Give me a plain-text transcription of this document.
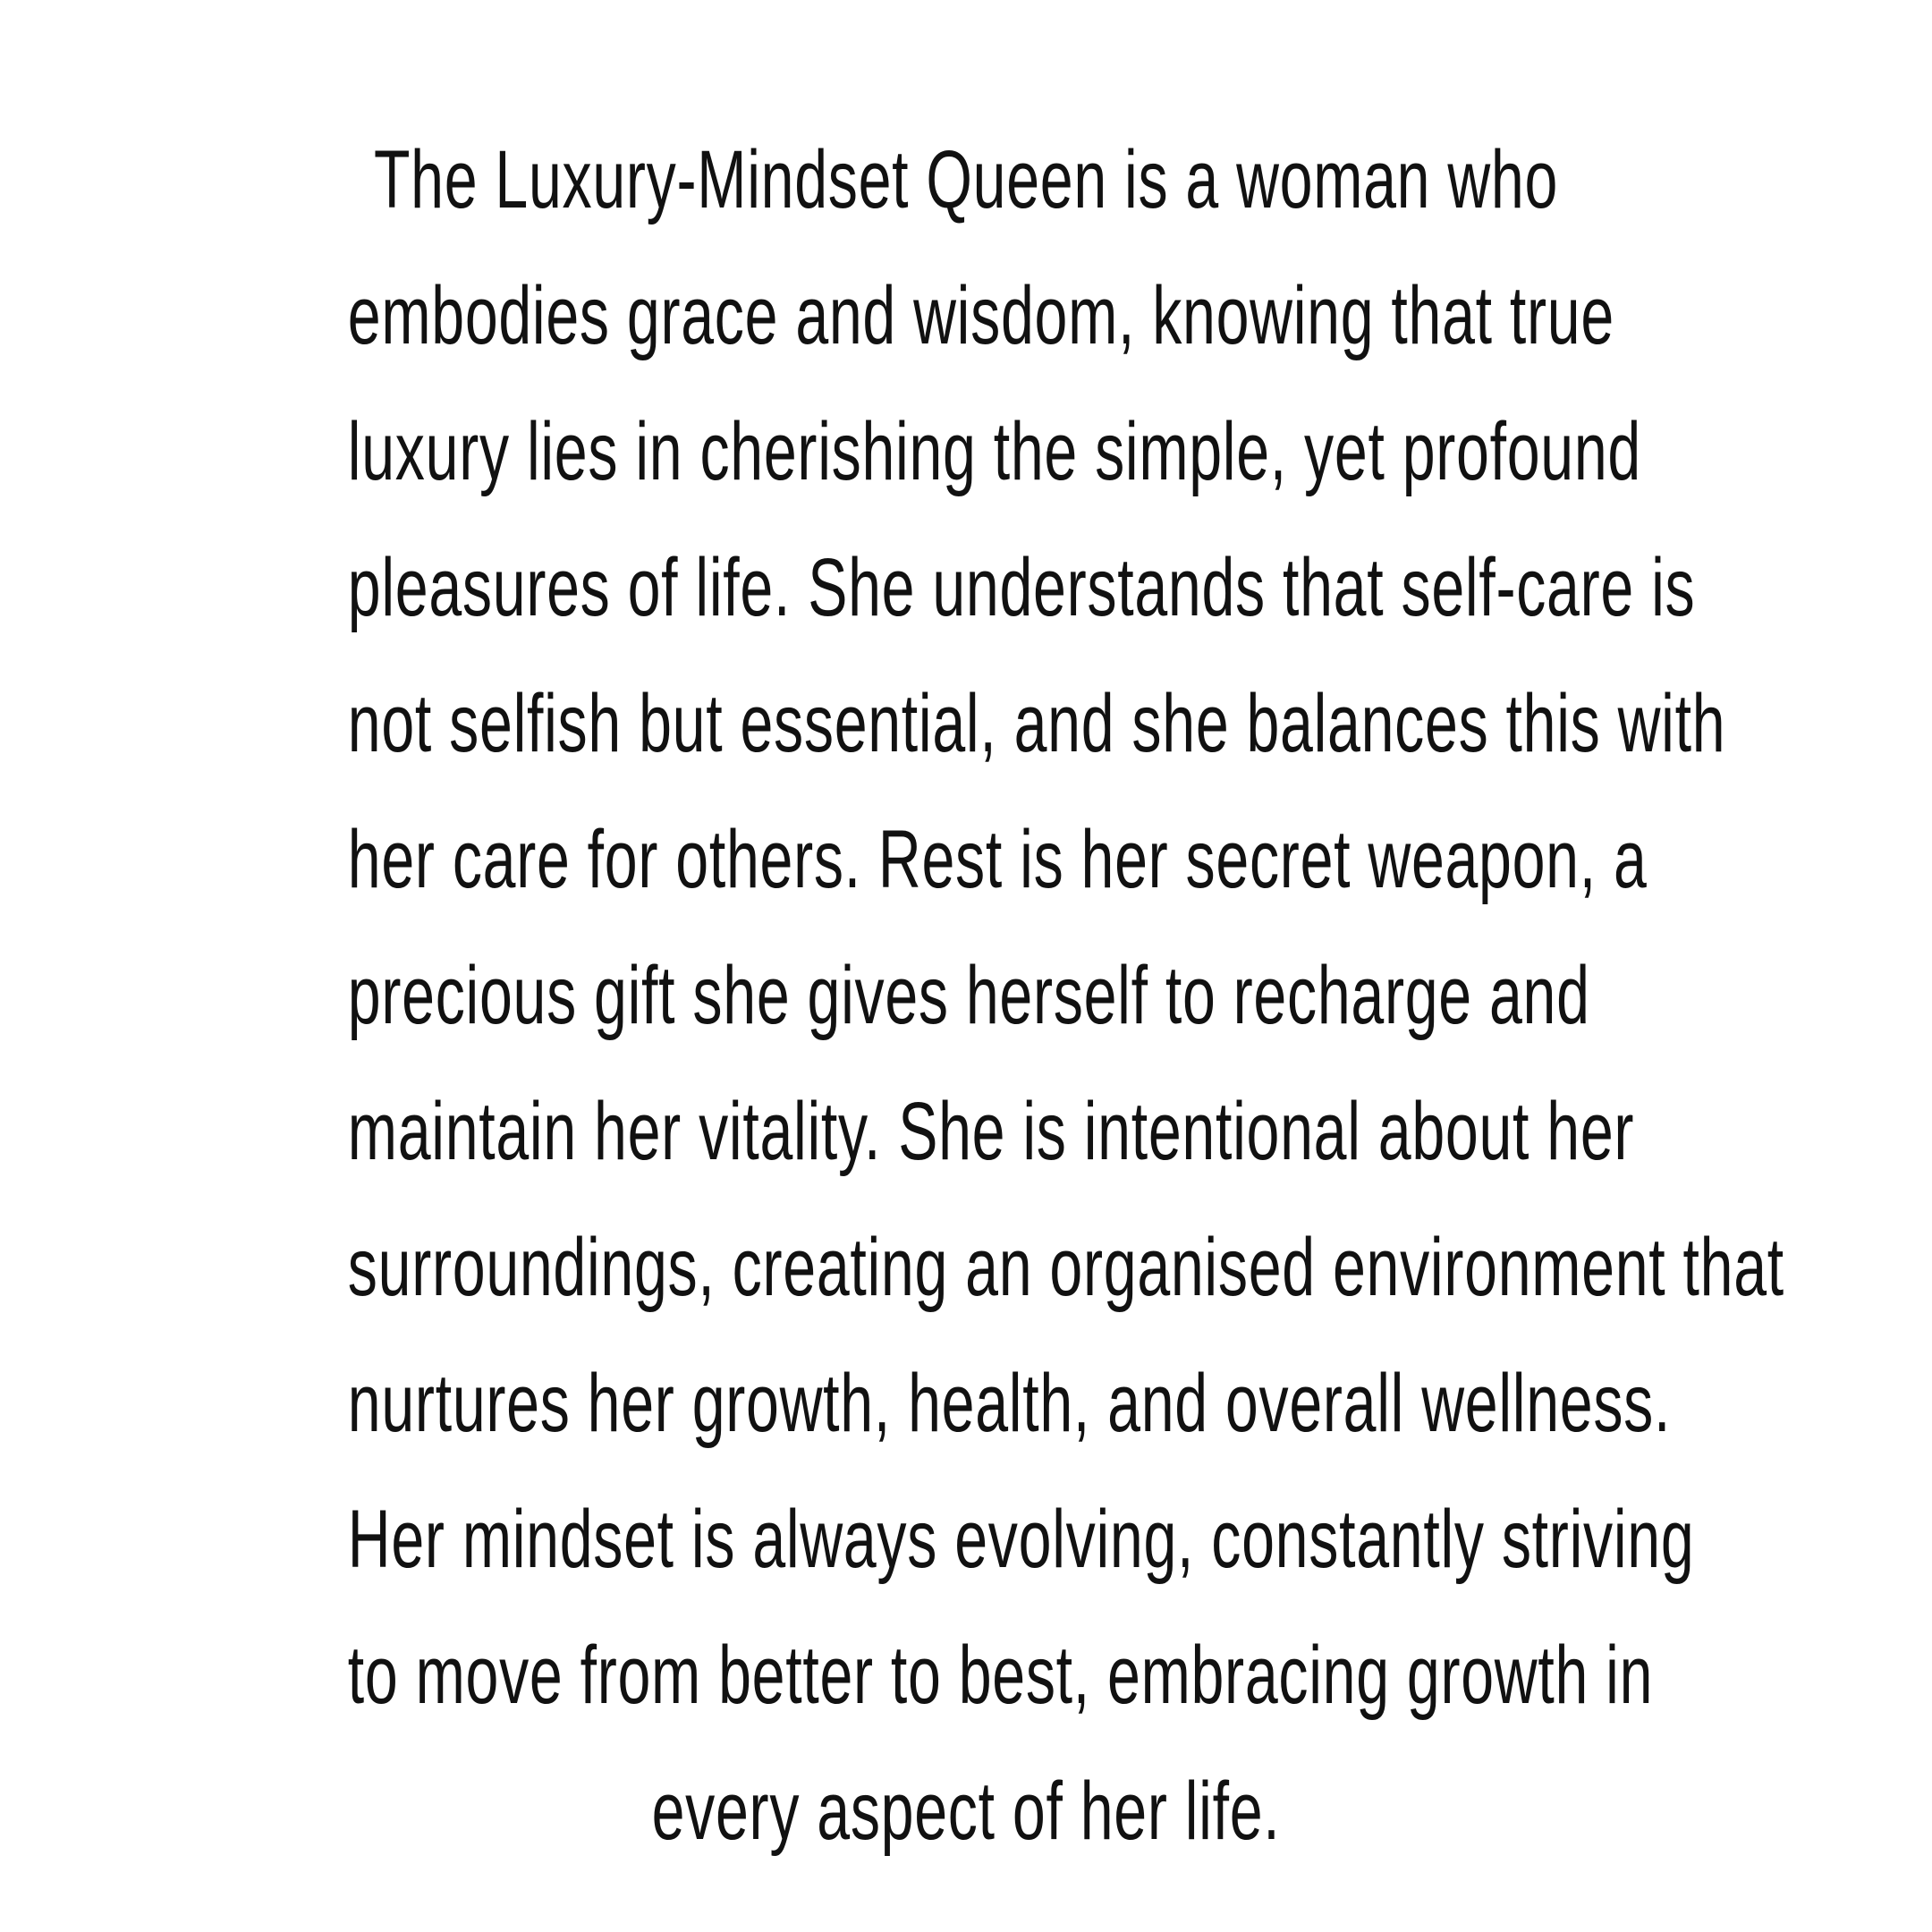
The Luxury-Mindset Queen is a woman who
embodies grace and wisdom, knowing that true
luxury lies in cherishing the simple, yet profound
pleasures of life. She understands that self-care is
not selfish but essential, and she balances this with
her care for others. Rest is her secret weapon, a
precious gift she gives herself to recharge and
maintain her vitality. She is intentional about her
surroundings, creating an organised environment that
nurtures her growth, health, and overall wellness.
Her mindset is always evolving, constantly striving
to move from better to best, embracing growth in
every aspect of her life.
